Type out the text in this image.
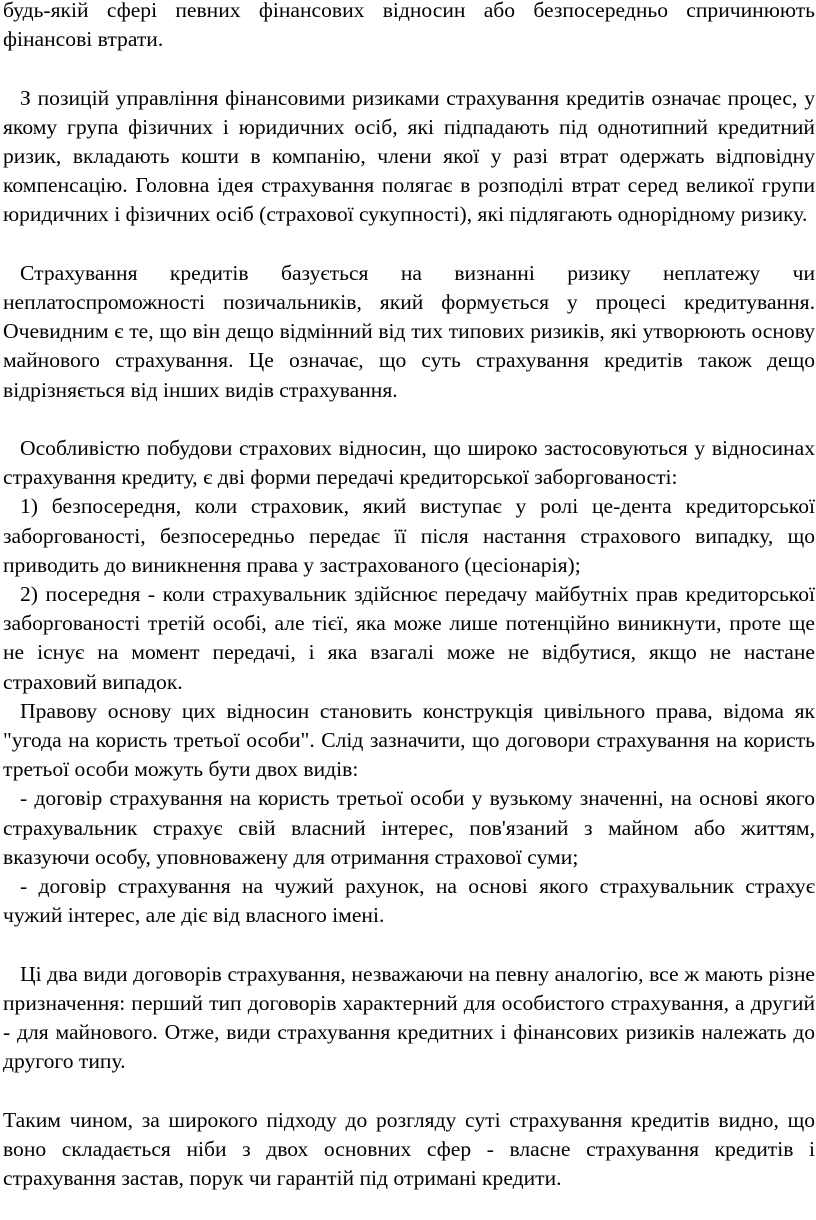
будь-якій сфері певних фінансових відносин або безпосередньо спричинюють фінансові втрати.

З позицій управління фінансовими ризиками страхування кредитів означає процес, у якому група фізичних і юридичних осіб, які підпадають під однотипний кредитний ризик, вкладають кошти в компанію, члени якої у разі втрат одержать відповідну компенсацію. Головна ідея страхування полягає в розподілі втрат серед великої групи юридичних і фізичних осіб (страхової сукупності), які підлягають однорідному ризику.

Страхування кредитів базується на визнанні ризику неплатежу чи неплатоспроможності позичальників, який формується у процесі кредитування. Очевидним є те, що він дещо відмінний від тих типових ризиків, які утворюють основу майнового страхування. Це означає, що суть страхування кредитів також дещо відрізняється від інших видів страхування.

Особливістю побудови страхових відносин, що широко застосовуються у відносинах страхування кредиту, є дві форми передачі кредиторської заборгованості:

1) безпосередня, коли страховик, який виступає у ролі це-дента кредиторської заборгованості, безпосередньо передає її після настання страхового випадку, що приводить до виникнення права у застрахованого (цесіонарія);

2) посередня - коли страхувальник здійснює передачу майбутніх прав кредиторської заборгованості третій особі, але тієї, яка може лише потенційно виникнути, проте ще не існує на момент передачі, і яка взагалі може не відбутися, якщо не настане страховий випадок.

Правову основу цих відносин становить конструкція цивільного права, відома як "угода на користь третьої особи". Слід зазначити, що договори страхування на користь третьої особи можуть бути двох видів:

- договір страхування на користь третьої особи у вузькому значенні, на основі якого страхувальник страхує свій власний інтерес, пов'язаний з майном або життям, вказуючи особу, уповноважену для отримання страхової суми;

- договір страхування на чужий рахунок, на основі якого страхувальник страхує чужий інтерес, але діє від власного імені.

Ці два види договорів страхування, незважаючи на певну аналогію, все ж мають різне призначення: перший тип договорів характерний для особистого страхування, а другий - для майнового. Отже, види страхування кредитних і фінансових ризиків належать до другого типу.

Таким чином, за широкого підходу до розгляду суті страхування кредитів видно, що воно складається ніби з двох основних сфер - власне страхування кредитів і страхування застав, порук чи гарантій під отримані кредити.
